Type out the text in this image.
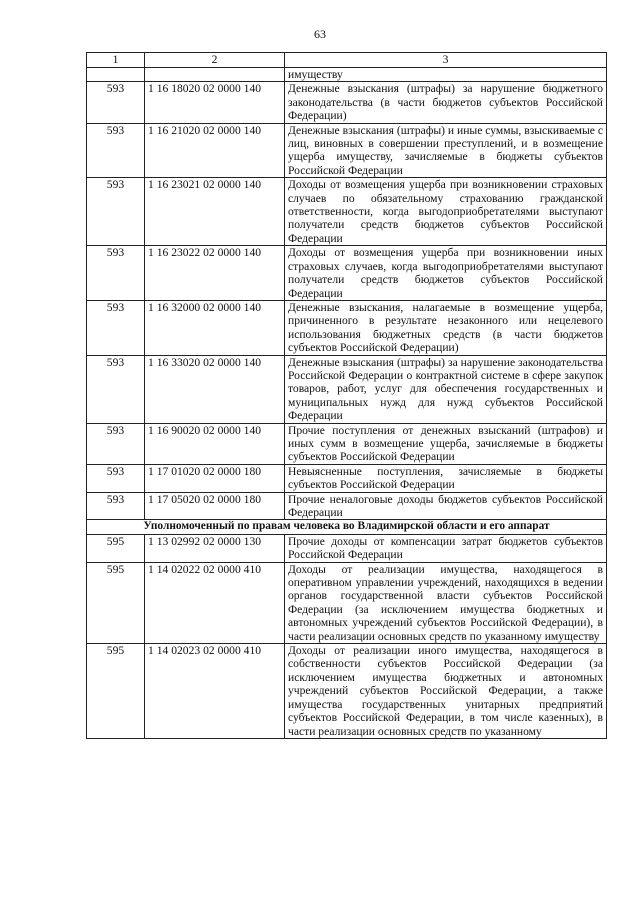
63
1	2	3
		имуществу
593	1 16 18020 02 0000 140	Денежные взыскания (штрафы) за нарушение бюджетного законодательства (в части бюджетов субъектов Российской Федерации)
593	1 16 21020 02 0000 140	Денежные взыскания (штрафы) и иные суммы, взыскиваемые с лиц, виновных в совершении преступлений, и в возмещение ущерба имуществу, зачисляемые в бюджеты субъектов Российской Федерации
593	1 16 23021 02 0000 140	Доходы от возмещения ущерба при возникновении страховых случаев по обязательному страхованию гражданской ответственности, когда выгодоприобретателями выступают получатели средств бюджетов субъектов Российской Федерации
593	1 16 23022 02 0000 140	Доходы от возмещения ущерба при возникновении иных страховых случаев, когда выгодоприобретателями выступают получатели средств бюджетов субъектов Российской Федерации
593	1 16 32000 02 0000 140	Денежные взыскания, налагаемые в возмещение ущерба, причиненного в результате незаконного или нецелевого использования бюджетных средств (в части бюджетов субъектов Российской Федерации)
593	1 16 33020 02 0000 140	Денежные взыскания (штрафы) за нарушение законодательства Российской Федерации о контрактной системе в сфере закупок товаров, работ, услуг для обеспечения государственных и муниципальных нужд для нужд субъектов Российской Федерации
593	1 16 90020 02 0000 140	Прочие поступления от денежных взысканий (штрафов) и иных сумм в возмещение ущерба, зачисляемые в бюджеты субъектов Российской Федерации
593	1 17 01020 02 0000 180	Невыясненные поступления, зачисляемые в бюджеты субъектов Российской Федерации
593	1 17 05020 02 0000 180	Прочие неналоговые доходы бюджетов субъектов Российской Федерации
Уполномоченный по правам человека во Владимирской области и его аппарат		
595	1 13 02992 02 0000 130	Прочие доходы от компенсации затрат бюджетов субъектов Российской Федерации
595	1 14 02022 02 0000 410	Доходы от реализации имущества, находящегося в оперативном управлении учреждений, находящихся в ведении органов государственной власти субъектов Российской Федерации (за исключением имущества бюджетных и автономных учреждений субъектов Российской Федерации), в части реализации основных средств по указанному имуществу
595	1 14 02023 02 0000 410	Доходы от реализации иного имущества, находящегося в собственности субъектов Российской Федерации (за исключением имущества бюджетных и автономных учреждений субъектов Российской Федерации, а также имущества государственных унитарных предприятий субъектов Российской Федерации, в том числе казенных), в части реализации основных средств по указанному
